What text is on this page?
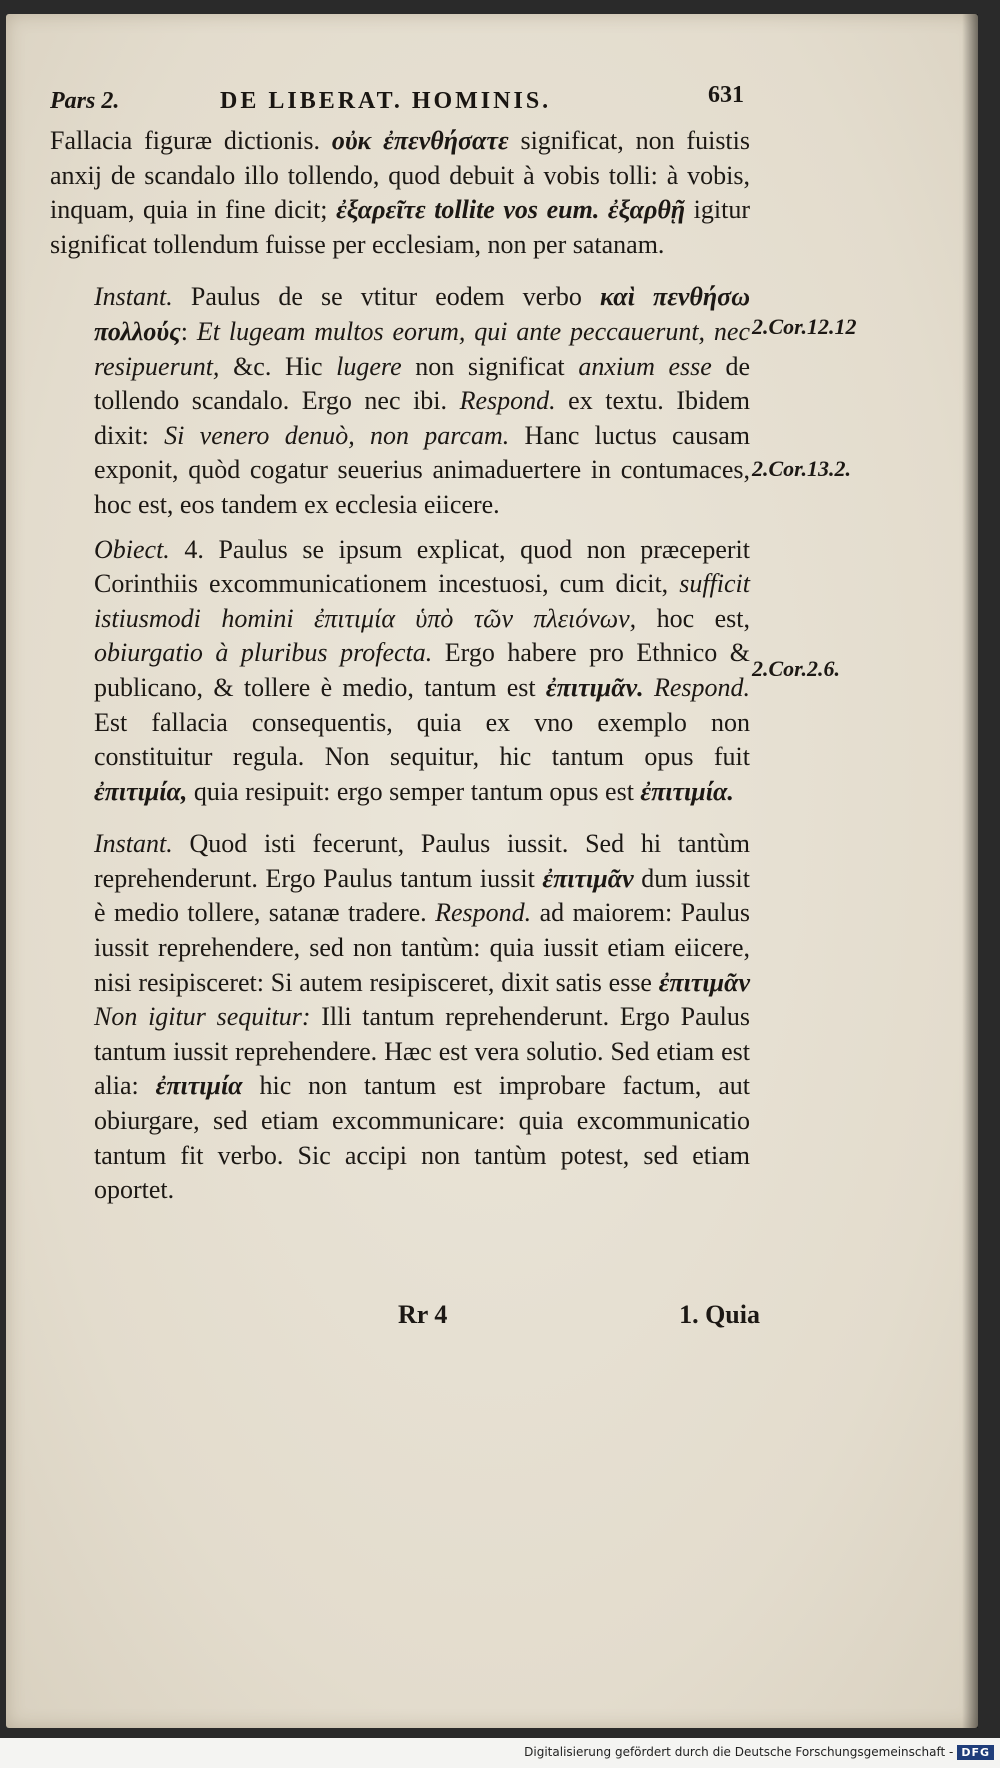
Pars 2.	DE LIBERAT. HOMINIS.	631

Fallacia figuræ dictionis. οὐκ ἐπενθήσατε significat, non fuistis anxij de scandalo illo tollendo, quod debuit à vobis tolli: à vobis, inquam, quia in fine dicit; ἐξαρεῖτε tollite vos eum. ἐξαρθῇ igitur significat tollendum fuisse per ecclesiam, non per satanam.

Instant. Paulus de se vtitur eodem verbo καὶ πενθήσω πολλούς: Et lugeam multos eorum, qui ante peccauerunt, nec resipuerunt, &c. Hic lugere non significat anxium esse de tollendo scandalo. Ergo nec ibi. Respond. ex textu. Ibidem dixit: Si venero denuò, non parcam. Hanc luctus causam exponit, quòd cogatur seuerius animaduertere in contumaces, hoc est, eos tandem ex ecclesia eiicere.

Obiect. 4. Paulus se ipsum explicat, quod non præceperit Corinthiis excommunicationem incestuosi, cum dicit, sufficit istiusmodi homini ἐπιτιμία ὑπὸ τῶν πλειόνων, hoc est, obiurgatio à pluribus profecta. Ergo habere pro Ethnico & publicano, & tollere è medio, tantum est ἐπιτιμᾶν. Respond. Est fallacia consequentis, quia ex vno exemplo non constituitur regula. Non sequitur, hic tantum opus fuit ἐπιτιμία, quia resipuit: ergo semper tantum opus est ἐπιτιμία.

Instant. Quod isti fecerunt, Paulus iussit. Sed hi tantùm reprehenderunt. Ergo Paulus tantum iussit ἐπιτιμᾶν dum iussit è medio tollere, satanæ tradere. Respond. ad maiorem: Paulus iussit reprehendere, sed non tantùm: quia iussit etiam eiicere, nisi resipisceret: Si autem resipisceret, dixit satis esse ἐπιτιμᾶν Non igitur sequitur: Illi tantum reprehenderunt. Ergo Paulus tantum iussit reprehendere. Hæc est vera solutio. Sed etiam est alia: ἐπιτιμία hic non tantum est improbare factum, aut obiurgare, sed etiam excommunicare: quia excommunicatio tantum fit verbo. Sic accipi non tantùm potest, sed etiam oportet.

2.Cor.12.12
2.Cor.13.2.
2.Cor.2.6.
Rr 4	1. Quia
Digitalisierung gefördert durch die Deutsche Forschungsgemeinschaft - DFG
